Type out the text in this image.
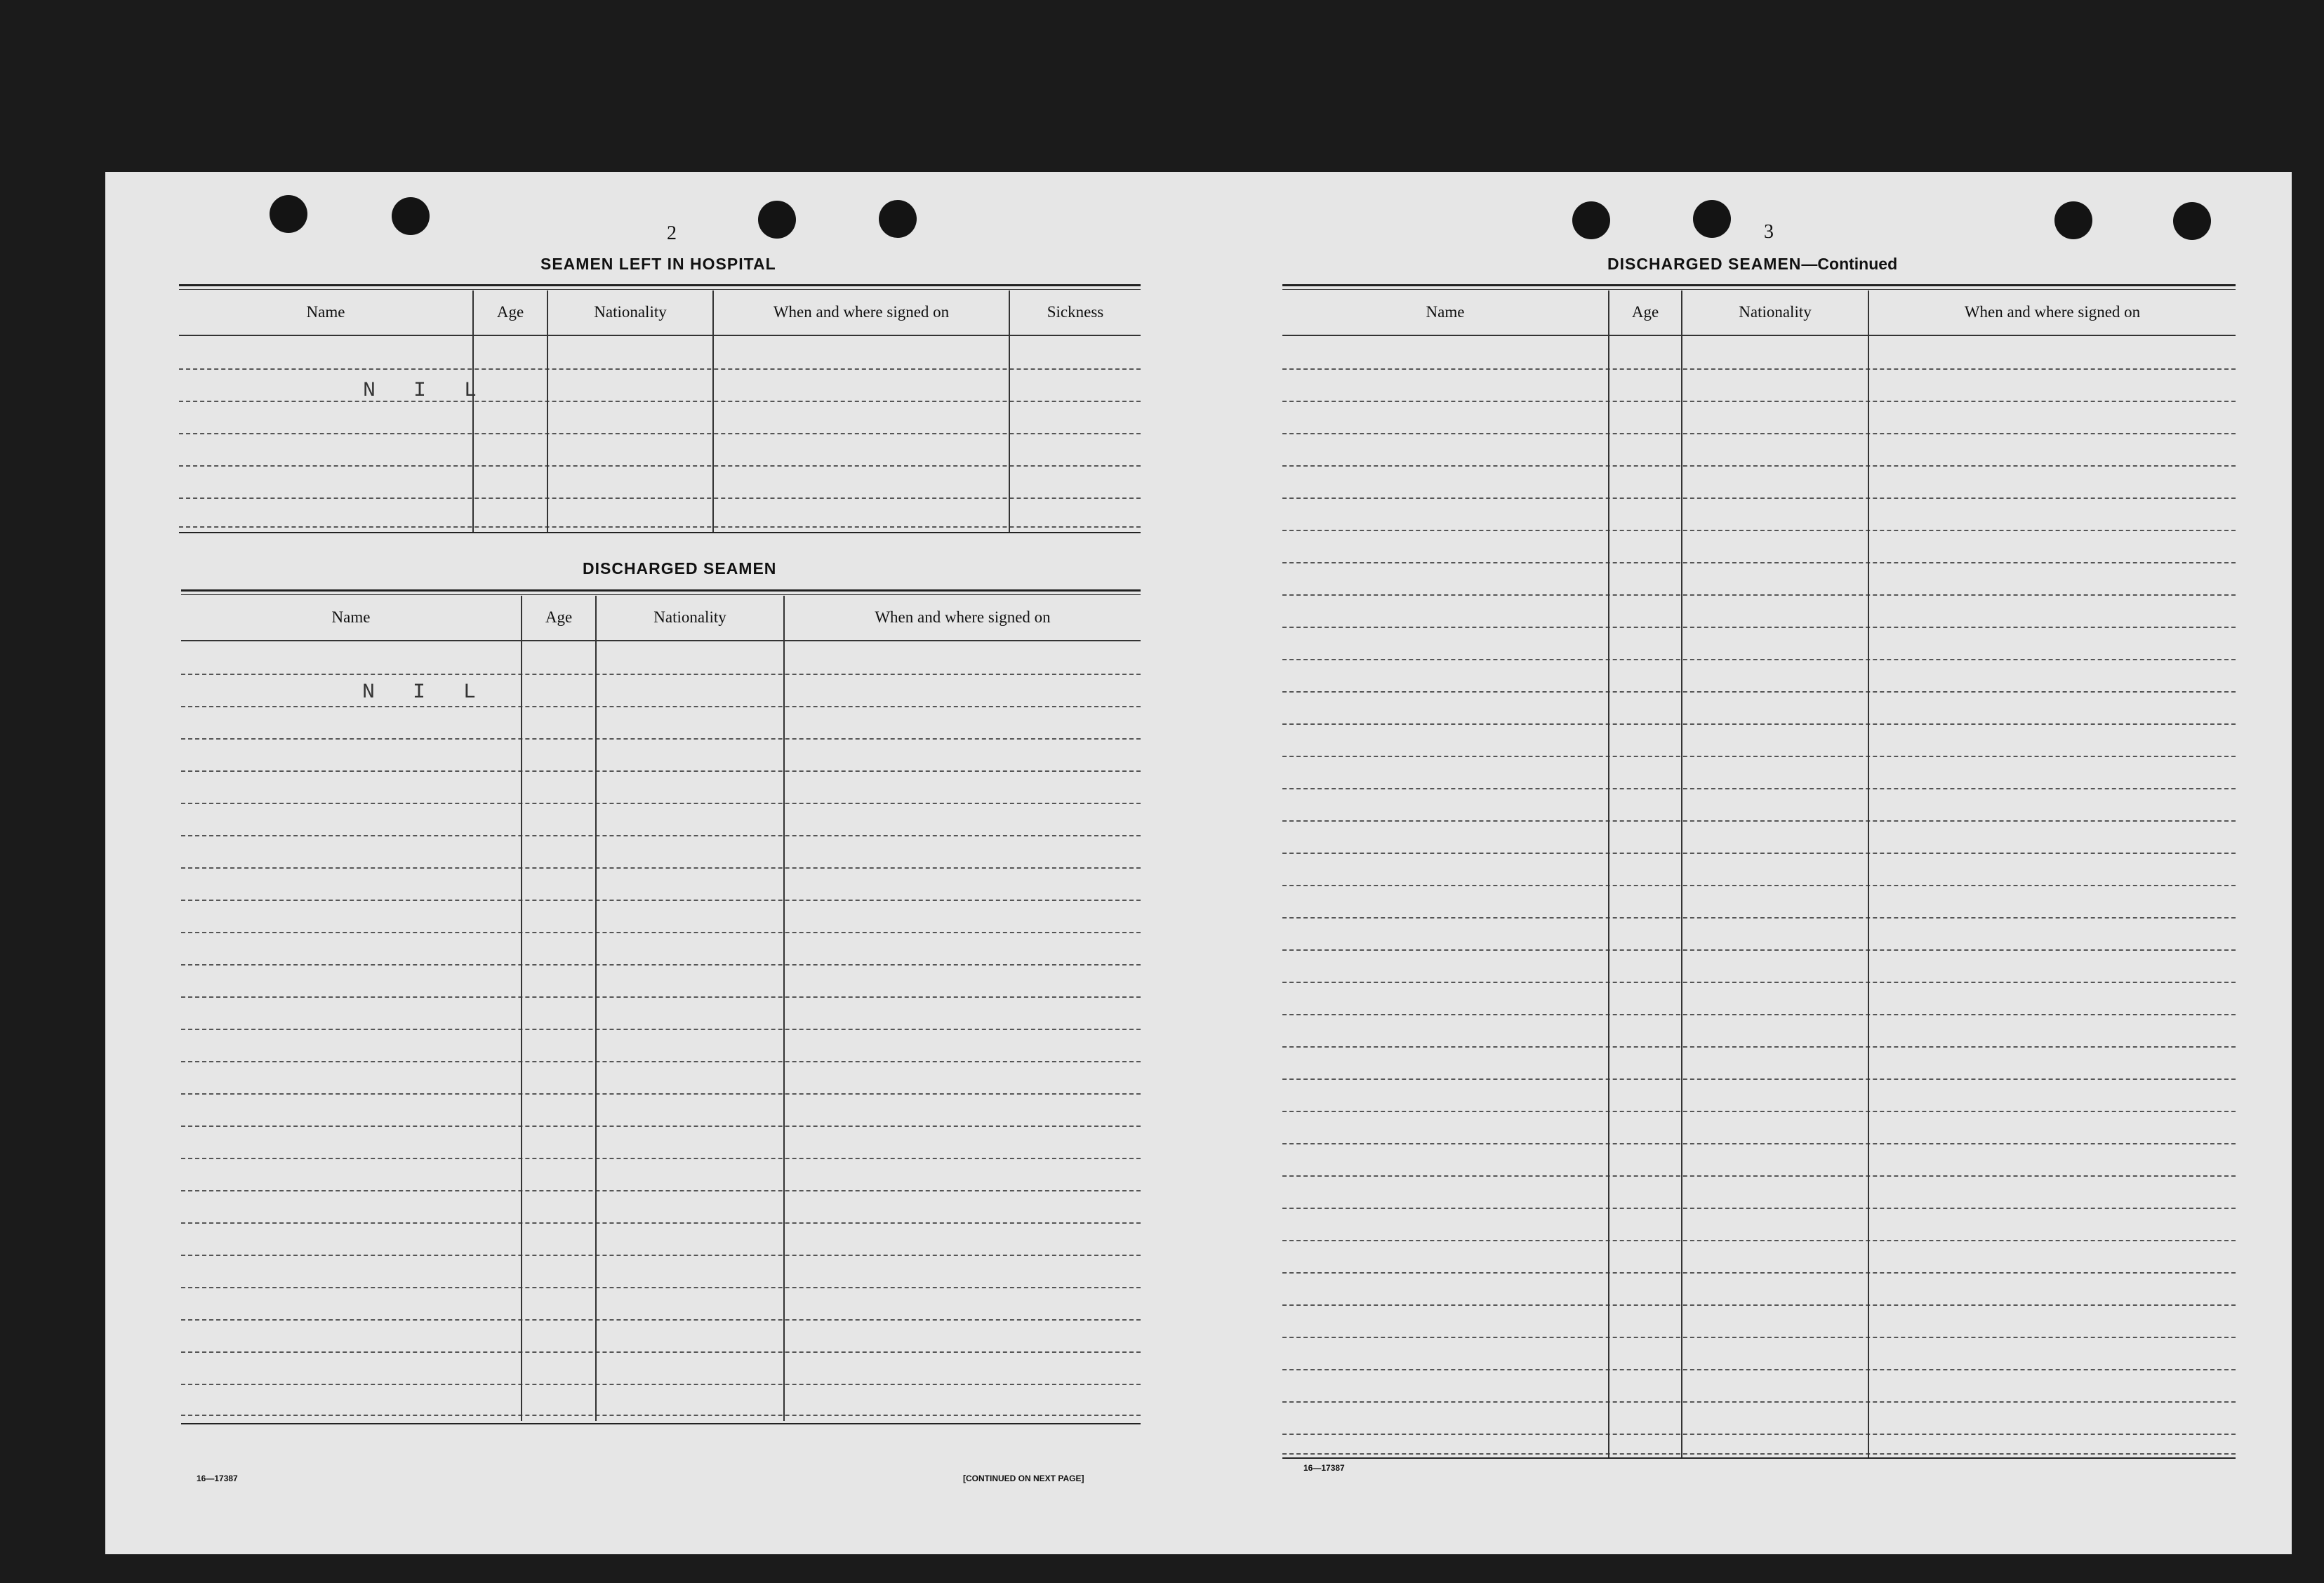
2
SEAMEN LEFT IN HOSPITAL
Name	Age	Nationality	When and where signed on	Sickness
N I L
DISCHARGED SEAMEN
Name	Age	Nationality	When and where signed on
N I L
16—17387	[CONTINUED ON NEXT PAGE]
3
DISCHARGED SEAMEN—Continued
Name	Age	Nationality	When and where signed on
16—17387
